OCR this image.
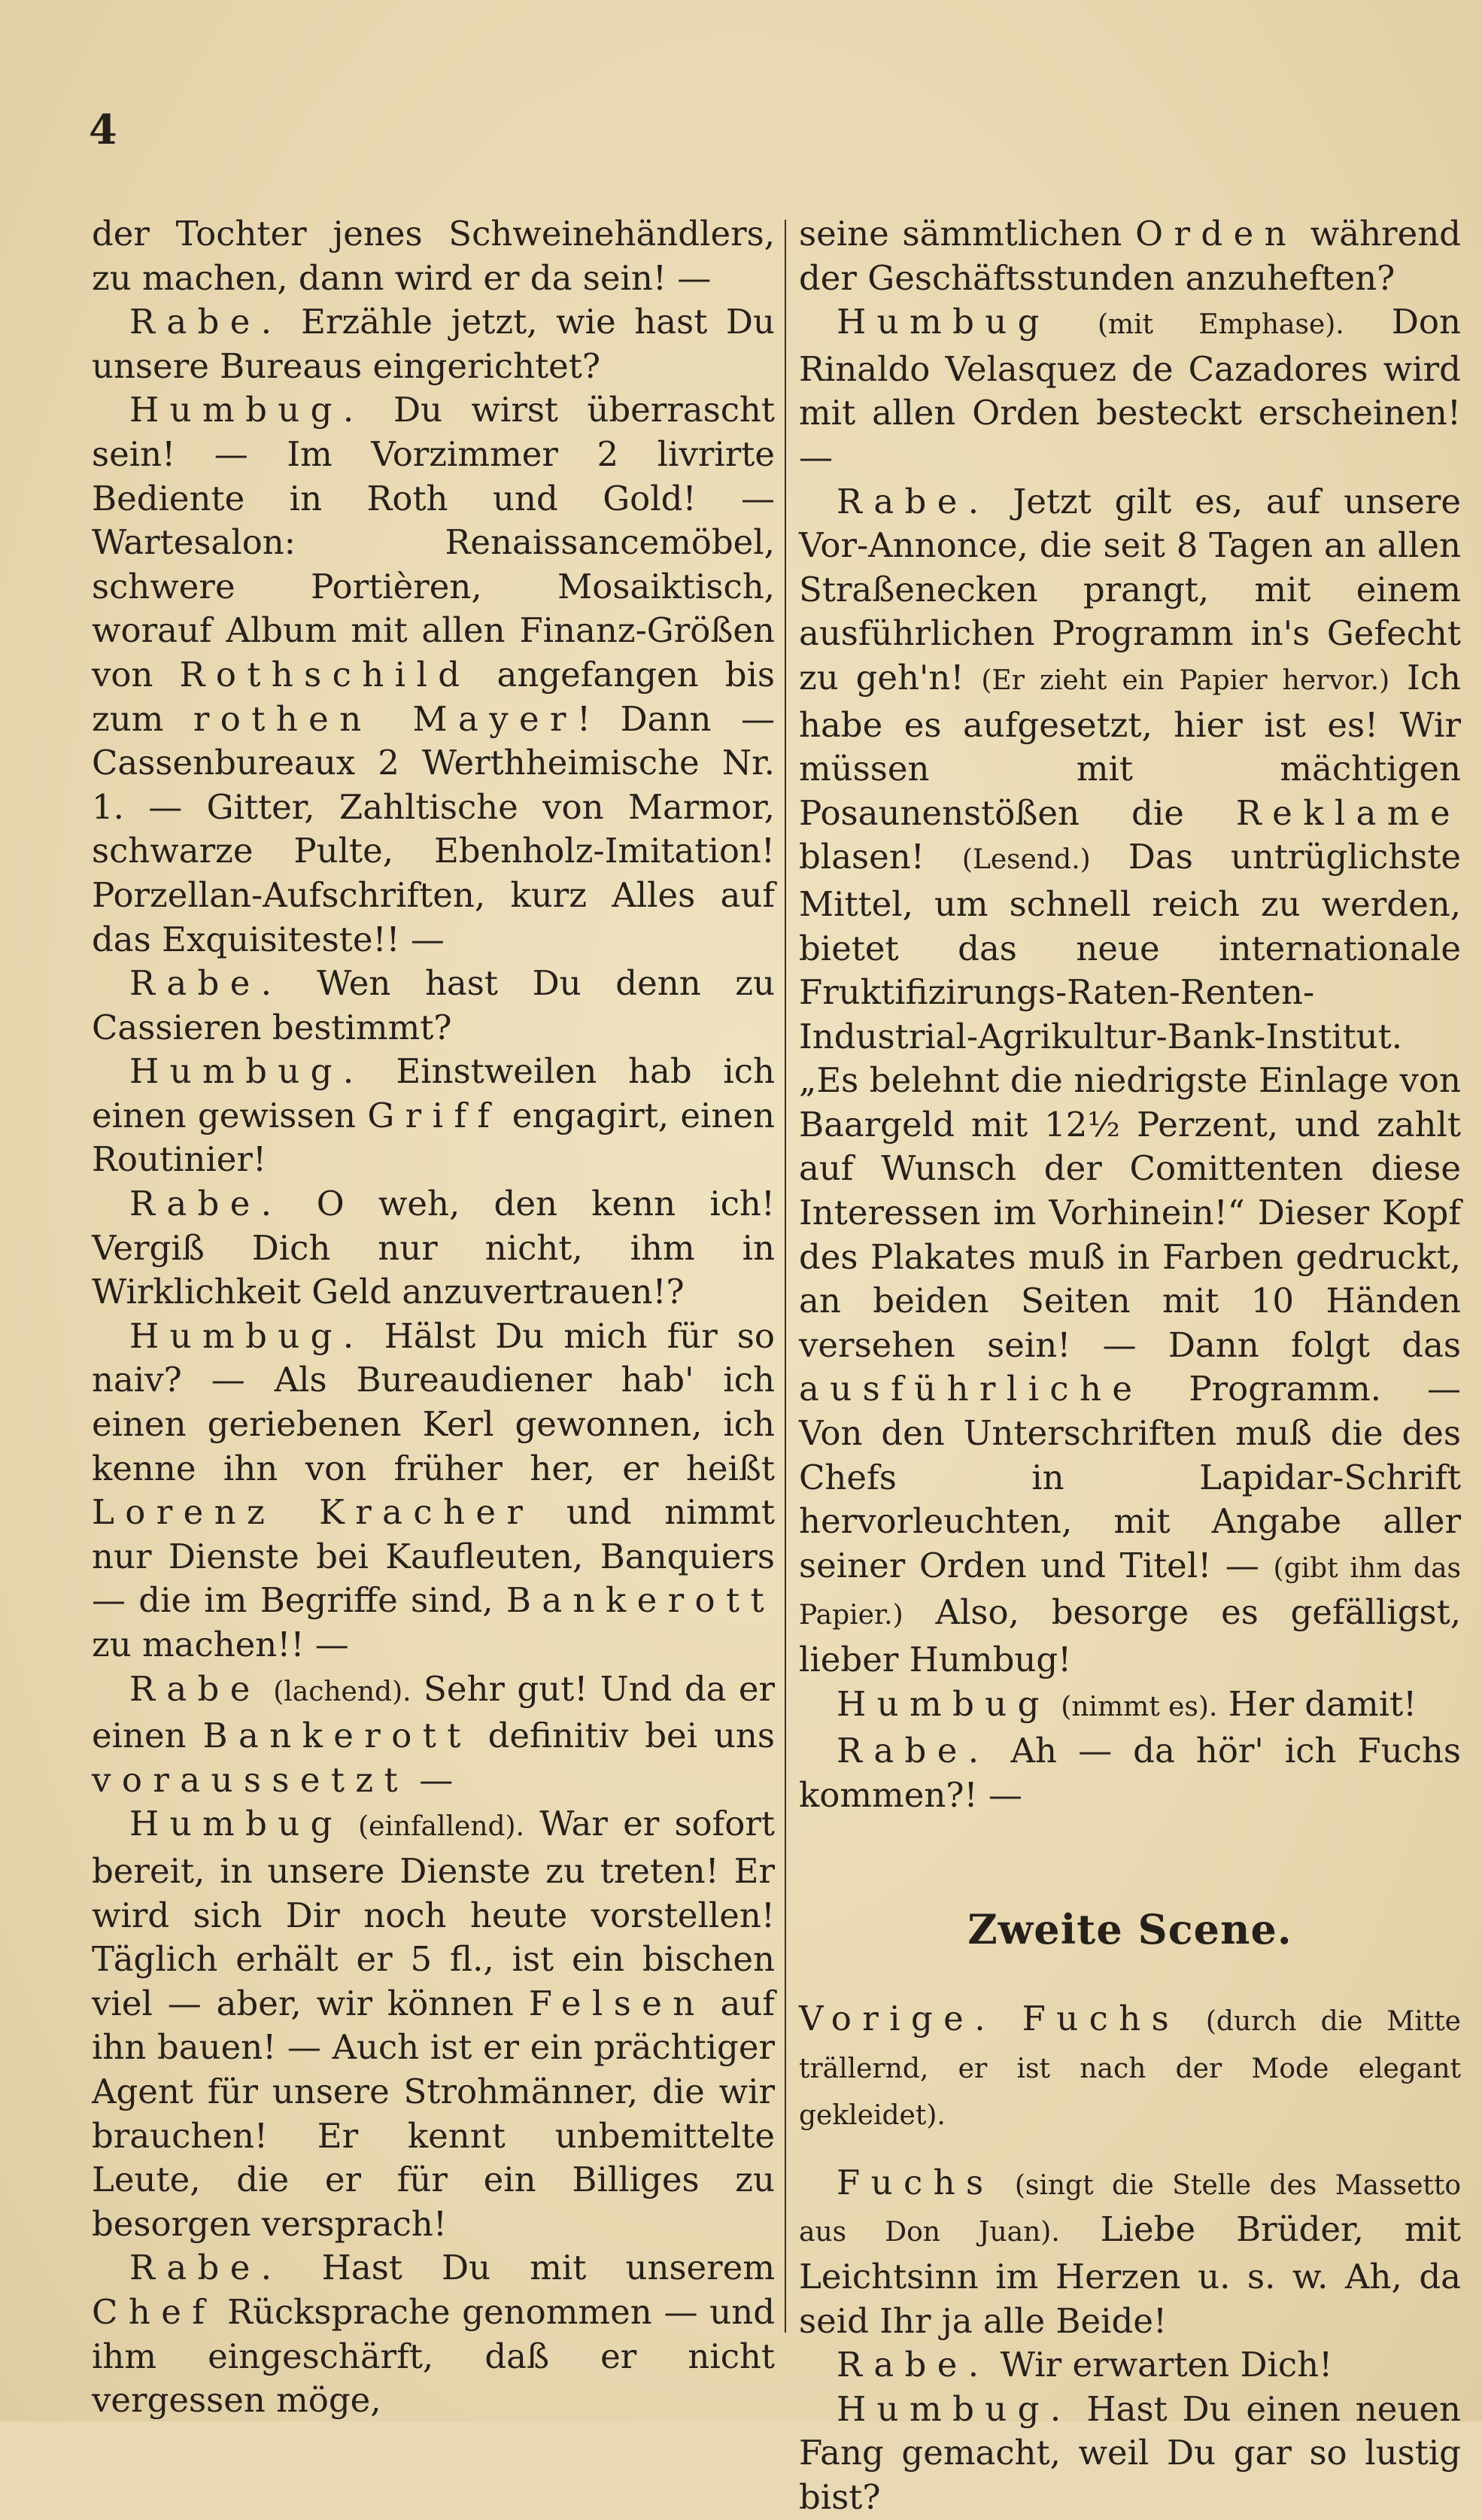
4

der Tochter jenes Schweinehändlers, zu machen, dann wird er da sein! —

Rabe. Erzähle jetzt, wie hast Du unsere Bureaus eingerichtet?

Humbug. Du wirst überrascht sein! — Im Vorzimmer 2 livrirte Bediente in Roth und Gold! — Wartesalon: Renaissancemöbel, schwere Portièren, Mosaiktisch, worauf Album mit allen Finanz-Größen von Rothschild angefangen bis zum rothen Mayer! Dann — Cassenbureaux 2 Werthheimische Nr. 1. — Gitter, Zahltische von Marmor, schwarze Pulte, Ebenholz-Imitation! Porzellan-Aufschriften, kurz Alles auf das Exquisiteste!! —

Rabe. Wen hast Du denn zu Cassieren bestimmt?

Humbug. Einstweilen hab ich einen gewissen Griff engagirt, einen Routinier!

Rabe. O weh, den kenn ich! Vergiß Dich nur nicht, ihm in Wirklichkeit Geld anzuvertrauen!?

Humbug. Hälst Du mich für so naiv? — Als Bureaudiener hab' ich einen geriebenen Kerl gewonnen, ich kenne ihn von früher her, er heißt Lorenz Kracher und nimmt nur Dienste bei Kaufleuten, Banquiers — die im Begriffe sind, Bankerott zu machen!! —

Rabe (lachend). Sehr gut! Und da er einen Bankerott definitiv bei uns voraussetzt —

Humbug (einfallend). War er sofort bereit, in unsere Dienste zu treten! Er wird sich Dir noch heute vorstellen! Täglich erhält er 5 fl., ist ein bischen viel — aber, wir können Felsen auf ihn bauen! — Auch ist er ein prächtiger Agent für unsere Strohmänner, die wir brauchen! Er kennt unbemittelte Leute, die er für ein Billiges zu besorgen versprach!

Rabe. Hast Du mit unserem Chef Rücksprache genommen — und ihm eingeschärft, daß er nicht vergessen möge,

seine sämmtlichen Orden während der Geschäftsstunden anzuheften?

Humbug (mit Emphase). Don Rinaldo Velasquez de Cazadores wird mit allen Orden besteckt erscheinen! —

Rabe. Jetzt gilt es, auf unsere Vor-Annonce, die seit 8 Tagen an allen Straßenecken prangt, mit einem ausführlichen Programm in's Gefecht zu geh'n! (Er zieht ein Papier hervor.) Ich habe es aufgesetzt, hier ist es! Wir müssen mit mächtigen Posaunenstößen die Reklame blasen! (Lesend.) Das untrüglichste Mittel, um schnell reich zu werden, bietet das neue internationale Fruktifizirungs-Raten-Renten-Industrial-Agrikultur-Bank-Institut. „Es belehnt die niedrigste Einlage von Baargeld mit 12½ Perzent, und zahlt auf Wunsch der Comittenten diese Interessen im Vorhinein!“ Dieser Kopf des Plakates muß in Farben gedruckt, an beiden Seiten mit 10 Händen versehen sein! — Dann folgt das ausführliche Programm. — Von den Unterschriften muß die des Chefs in Lapidar-Schrift hervorleuchten, mit Angabe aller seiner Orden und Titel! — (gibt ihm das Papier.) Also, besorge es gefälligst, lieber Humbug!

Humbug (nimmt es). Her damit!

Rabe. Ah — da hör' ich Fuchs kommen?! —

Zweite Scene.

Vorige. Fuchs (durch die Mitte trällernd, er ist nach der Mode elegant gekleidet).

Fuchs (singt die Stelle des Massetto aus Don Juan). Liebe Brüder, mit Leichtsinn im Herzen u. s. w. Ah, da seid Ihr ja alle Beide!

Rabe. Wir erwarten Dich!

Humbug. Hast Du einen neuen Fang gemacht, weil Du gar so lustig bist?
